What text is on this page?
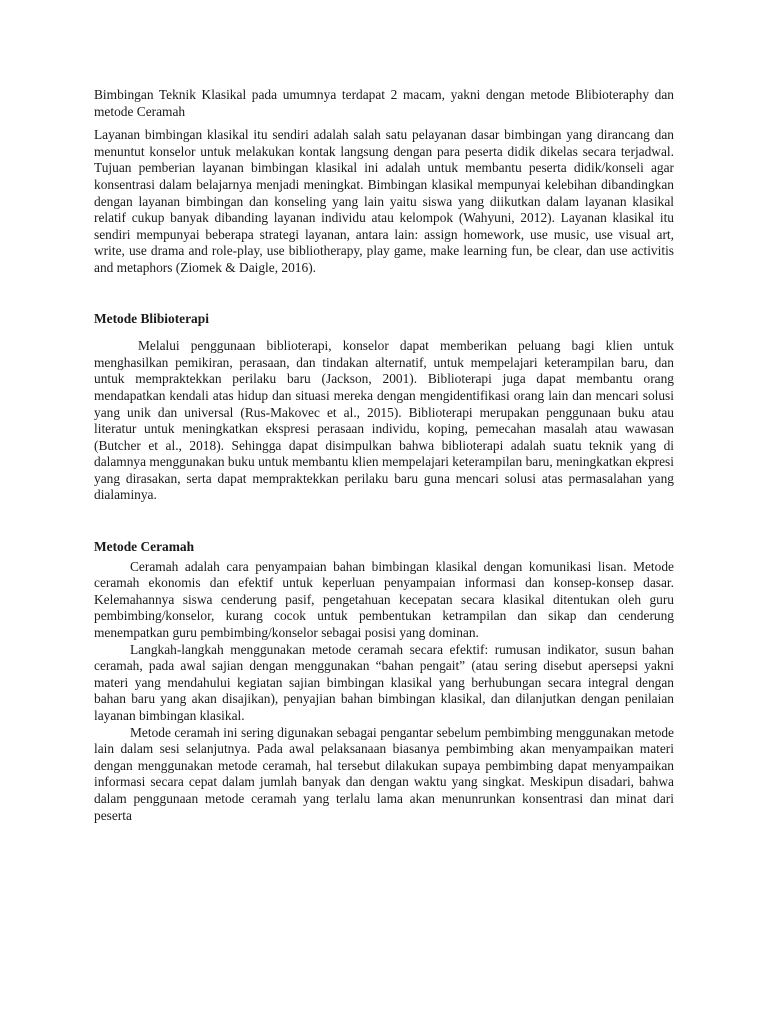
Bimbingan Teknik Klasikal pada umumnya terdapat 2 macam, yakni dengan metode Blibioteraphy dan metode Ceramah

Layanan bimbingan klasikal itu sendiri adalah salah satu pelayanan dasar bimbingan yang dirancang dan menuntut konselor untuk melakukan kontak langsung dengan para peserta didik dikelas secara terjadwal. Tujuan pemberian layanan bimbingan klasikal ini adalah untuk membantu peserta didik/konseli agar konsentrasi dalam belajarnya menjadi meningkat. Bimbingan klasikal mempunyai kelebihan dibandingkan dengan layanan bimbingan dan konseling yang lain yaitu siswa yang diikutkan dalam layanan klasikal relatif cukup banyak dibanding layanan individu atau kelompok (Wahyuni, 2012). Layanan klasikal itu sendiri mempunyai beberapa strategi layanan, antara lain: assign homework, use music, use visual art, write, use drama and role-play, use bibliotherapy, play game, make learning fun, be clear, dan use activitis and metaphors (Ziomek & Daigle, 2016).

Metode Blibioterapi

Melalui penggunaan biblioterapi, konselor dapat memberikan peluang bagi klien untuk menghasilkan pemikiran, perasaan, dan tindakan alternatif, untuk mempelajari keterampilan baru, dan untuk mempraktekkan perilaku baru (Jackson, 2001). Biblioterapi juga dapat membantu orang mendapatkan kendali atas hidup dan situasi mereka dengan mengidentifikasi orang lain dan mencari solusi yang unik dan universal (Rus-Makovec et al., 2015). Biblioterapi merupakan penggunaan buku atau literatur untuk meningkatkan ekspresi perasaan individu, koping, pemecahan masalah atau wawasan (Butcher et al., 2018). Sehingga dapat disimpulkan bahwa biblioterapi adalah suatu teknik yang di dalamnya menggunakan buku untuk membantu klien mempelajari keterampilan baru, meningkatkan ekpresi yang dirasakan, serta dapat mempraktekkan perilaku baru guna mencari solusi atas permasalahan yang dialaminya.

Metode Ceramah

Ceramah adalah cara penyampaian bahan bimbingan klasikal dengan komunikasi lisan. Metode ceramah ekonomis dan efektif untuk keperluan penyampaian informasi dan konsep-konsep dasar. Kelemahannya siswa cenderung pasif, pengetahuan kecepatan secara klasikal ditentukan oleh guru pembimbing/konselor, kurang cocok untuk pembentukan ketrampilan dan sikap dan cenderung menempatkan guru pembimbing/konselor sebagai posisi yang dominan.

Langkah-langkah menggunakan metode ceramah secara efektif: rumusan indikator, susun bahan ceramah, pada awal sajian dengan menggunakan “bahan pengait” (atau sering disebut apersepsi yakni materi yang mendahului kegiatan sajian bimbingan klasikal yang berhubungan secara integral dengan bahan baru yang akan disajikan), penyajian bahan bimbingan klasikal, dan dilanjutkan dengan penilaian layanan bimbingan klasikal.

Metode ceramah ini sering digunakan sebagai pengantar sebelum pembimbing menggunakan metode lain dalam sesi selanjutnya. Pada awal pelaksanaan biasanya pembimbing akan menyampaikan materi dengan menggunakan metode ceramah, hal tersebut dilakukan supaya pembimbing dapat menyampaikan informasi secara cepat dalam jumlah banyak dan dengan waktu yang singkat. Meskipun disadari, bahwa dalam penggunaan metode ceramah yang terlalu lama akan menunrunkan konsentrasi dan minat dari peserta
